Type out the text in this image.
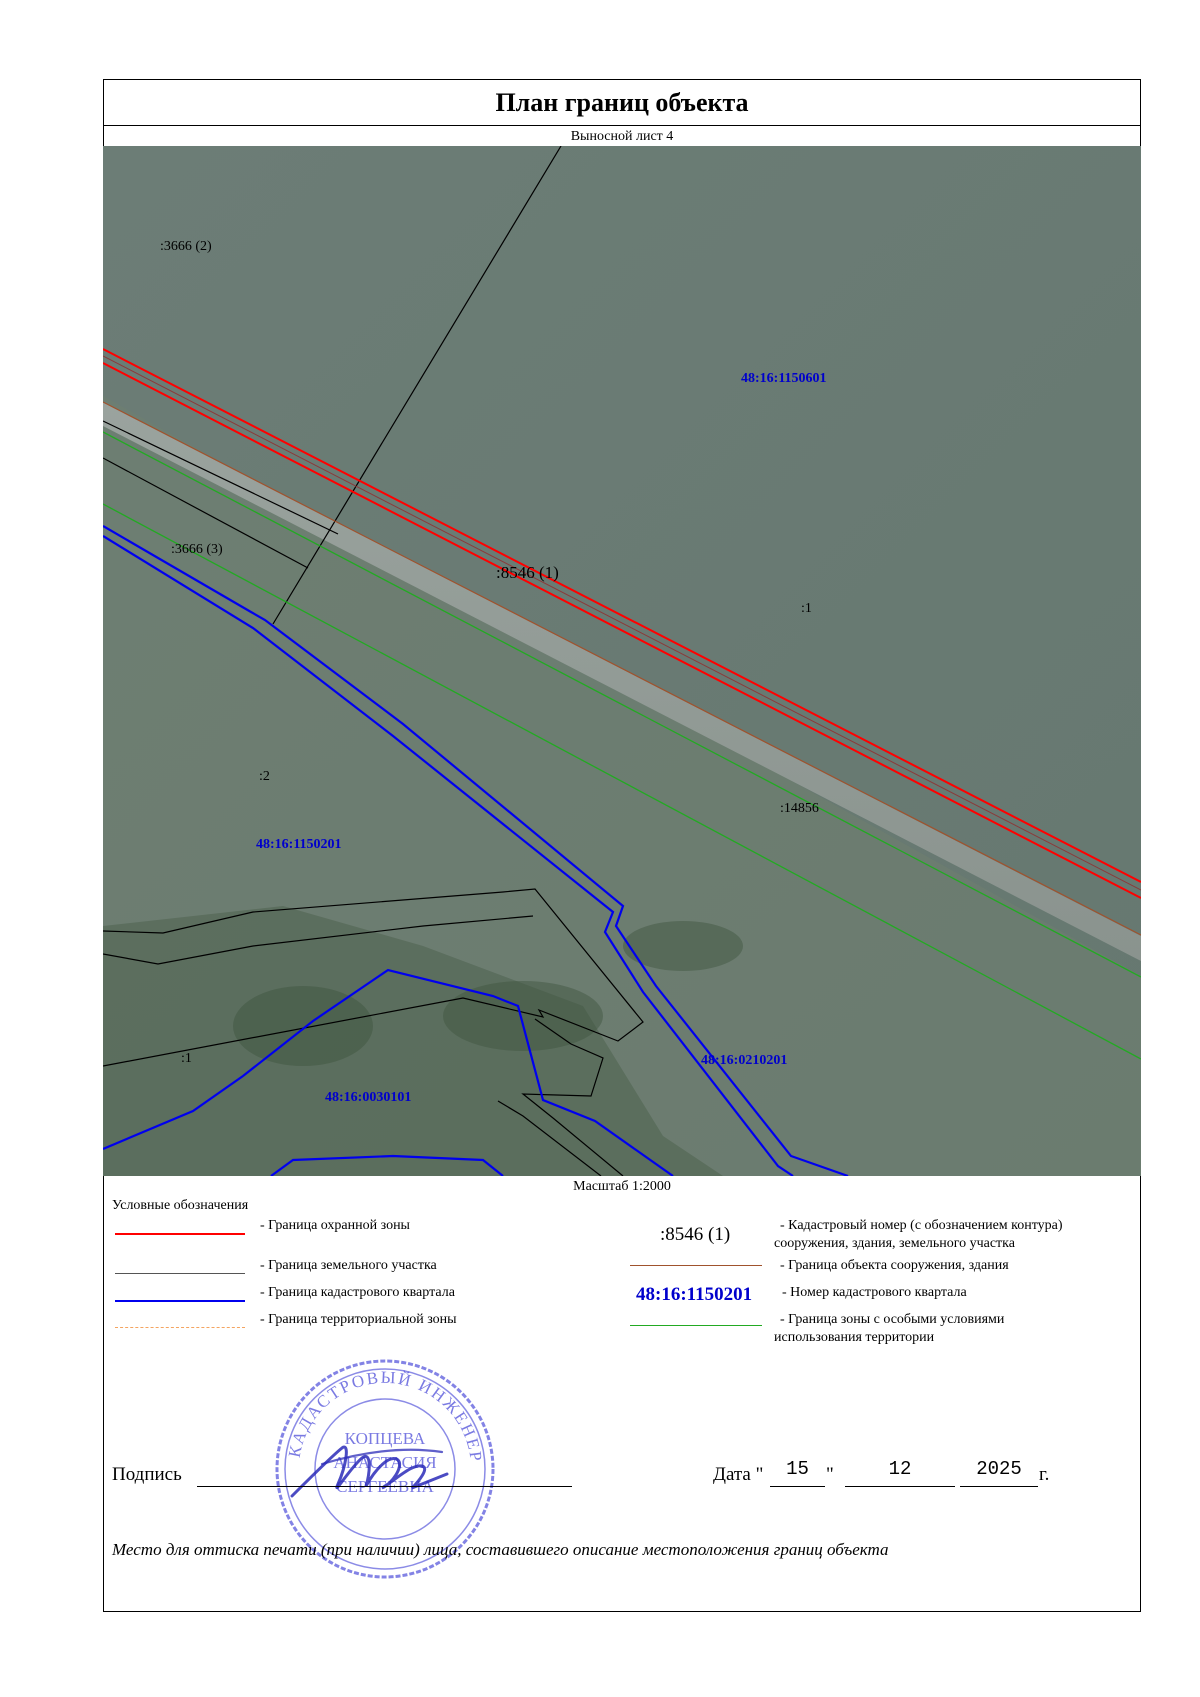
План границ объекта
Выносной лист 4
:3666 (2)
:3666 (3)
48:16:1150601
:8546 (1)
:1
:2
48:16:1150201
:14856
:1
48:16:0030101
48:16:0210201
Масштаб 1:2000
Условные обозначения
- Граница охранной зоны
- Граница земельного участка
- Граница кадастрового квартала
- Граница территориальной зоны
:8546 (1)	- Кадастровый номер (с обозначением контура)
сооружения, здания, земельного участка
- Граница объекта сооружения, здания
48:16:1150201 - Номер кадастрового квартала
- Граница зоны с особыми условиями
использования территории
КАДАСТРОВЫЙ ИНЖЕНЕР
КОПЦЕВА
АНАСТАСИЯ
СЕРГЕЕВНА
Подпись	Дата "	15 "	12	2025 г.
Место для оттиска печати (при наличии) лица, составившего описание местоположения границ объекта
